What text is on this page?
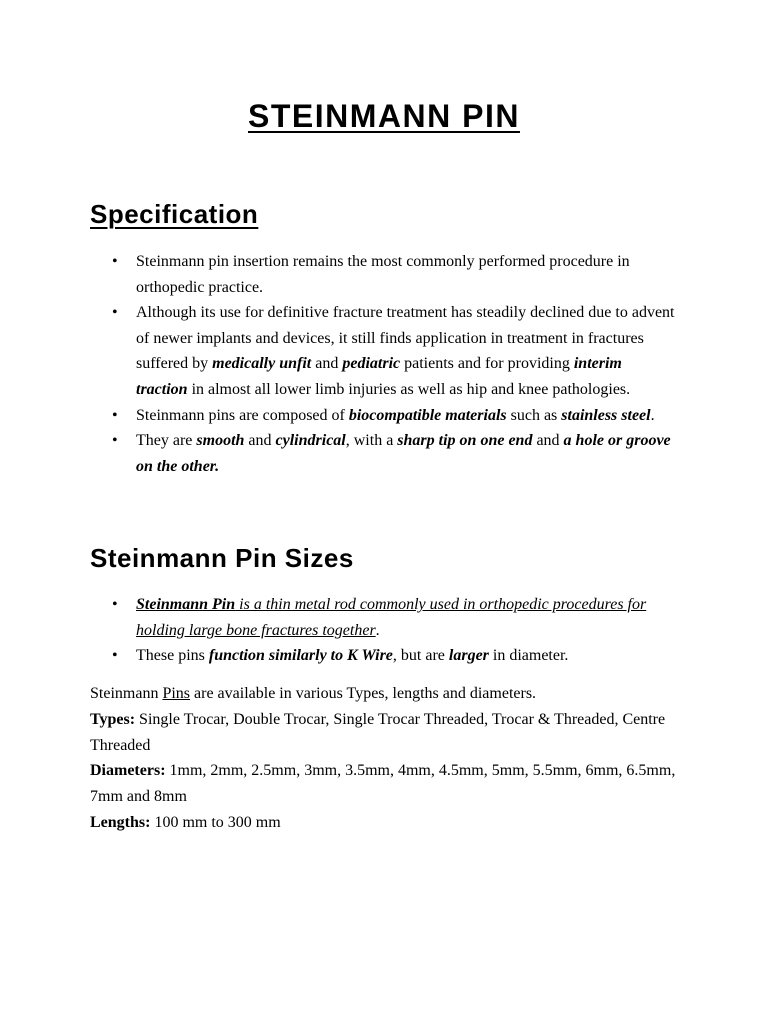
STEINMANN PIN
Specification
• Steinmann pin insertion remains the most commonly performed procedure in orthopedic practice.
• Although its use for definitive fracture treatment has steadily declined due to advent of newer implants and devices, it still finds application in treatment in fractures suffered by medically unfit and pediatric patients and for providing interim traction in almost all lower limb injuries as well as hip and knee pathologies.
• Steinmann pins are composed of biocompatible materials such as stainless steel.
• They are smooth and cylindrical, with a sharp tip on one end and a hole or groove on the other.
Steinmann Pin Sizes
• Steinmann Pin is a thin metal rod commonly used in orthopedic procedures for holding large bone fractures together.
• These pins function similarly to K Wire, but are larger in diameter.

Steinmann Pins are available in various Types, lengths and diameters.

Types: Single Trocar, Double Trocar, Single Trocar Threaded, Trocar & Threaded, Centre Threaded

Diameters: 1mm, 2mm, 2.5mm, 3mm, 3.5mm, 4mm, 4.5mm, 5mm, 5.5mm, 6mm, 6.5mm, 7mm and 8mm

Lengths: 100 mm to 300 mm
